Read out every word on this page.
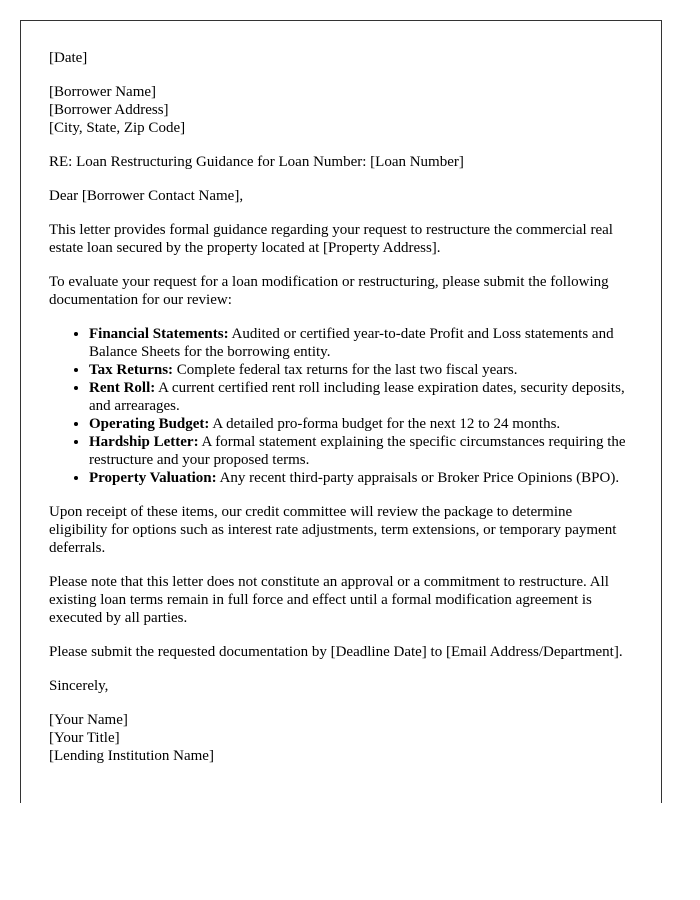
[Date]

[Borrower Name]
[Borrower Address]
[City, State, Zip Code]

RE: Loan Restructuring Guidance for Loan Number: [Loan Number]

Dear [Borrower Contact Name],

This letter provides formal guidance regarding your request to restructure the commercial real estate loan secured by the property located at [Property Address].

To evaluate your request for a loan modification or restructuring, please submit the following documentation for our review:

• Financial Statements: Audited or certified year-to-date Profit and Loss statements and Balance Sheets for the borrowing entity.
• Tax Returns: Complete federal tax returns for the last two fiscal years.
• Rent Roll: A current certified rent roll including lease expiration dates, security deposits, and arrearages.
• Operating Budget: A detailed pro-forma budget for the next 12 to 24 months.
• Hardship Letter: A formal statement explaining the specific circumstances requiring the restructure and your proposed terms.
• Property Valuation: Any recent third-party appraisals or Broker Price Opinions (BPO).

Upon receipt of these items, our credit committee will review the package to determine eligibility for options such as interest rate adjustments, term extensions, or temporary payment deferrals.

Please note that this letter does not constitute an approval or a commitment to restructure. All existing loan terms remain in full force and effect until a formal modification agreement is executed by all parties.

Please submit the requested documentation by [Deadline Date] to [Email Address/Department].

Sincerely,

[Your Name]
[Your Title]
[Lending Institution Name]
